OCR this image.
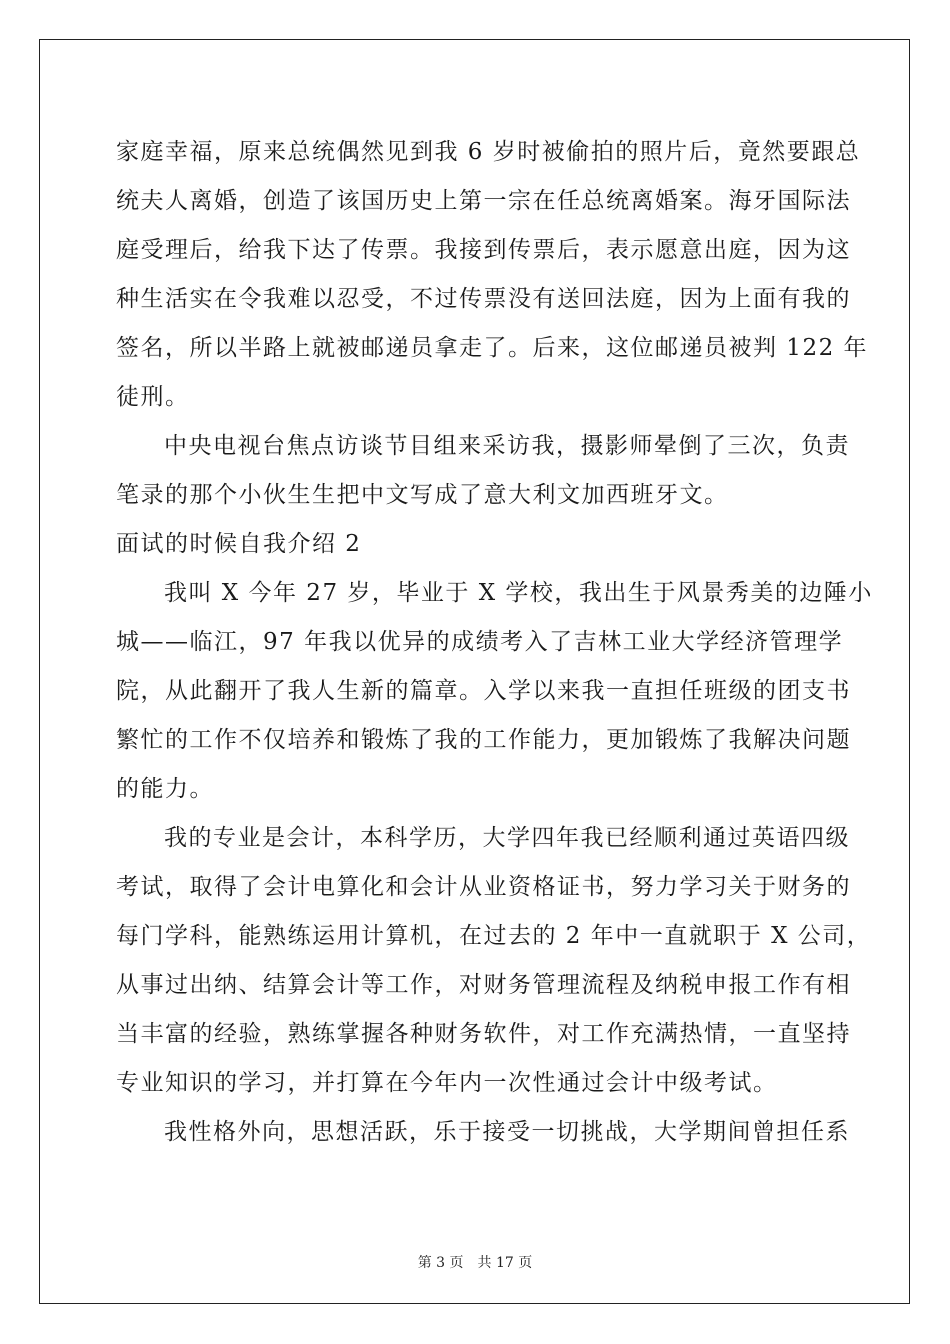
家庭幸福，原来总统偶然见到我 6 岁时被偷拍的照片后，竟然要跟总
统夫人离婚，创造了该国历史上第一宗在任总统离婚案。海牙国际法
庭受理后，给我下达了传票。我接到传票后，表示愿意出庭，因为这
种生活实在令我难以忍受，不过传票没有送回法庭，因为上面有我的
签名，所以半路上就被邮递员拿走了。后来，这位邮递员被判 122 年
徒刑。
中央电视台焦点访谈节目组来采访我，摄影师晕倒了三次，负责
笔录的那个小伙生生把中文写成了意大利文加西班牙文。
面试的时候自我介绍 2
我叫 X 今年 27 岁，毕业于 X 学校，我出生于风景秀美的边陲小
城——临江，97 年我以优异的成绩考入了吉林工业大学经济管理学
院，从此翻开了我人生新的篇章。入学以来我一直担任班级的团支书
繁忙的工作不仅培养和锻炼了我的工作能力，更加锻炼了我解决问题
的能力。
我的专业是会计，本科学历，大学四年我已经顺利通过英语四级
考试，取得了会计电算化和会计从业资格证书，努力学习关于财务的
每门学科，能熟练运用计算机，在过去的 2 年中一直就职于 X 公司，
从事过出纳、结算会计等工作，对财务管理流程及纳税申报工作有相
当丰富的经验，熟练掌握各种财务软件，对工作充满热情，一直坚持
专业知识的学习，并打算在今年内一次性通过会计中级考试。
我性格外向，思想活跃，乐于接受一切挑战，大学期间曾担任系
第 3 页　共 17 页
